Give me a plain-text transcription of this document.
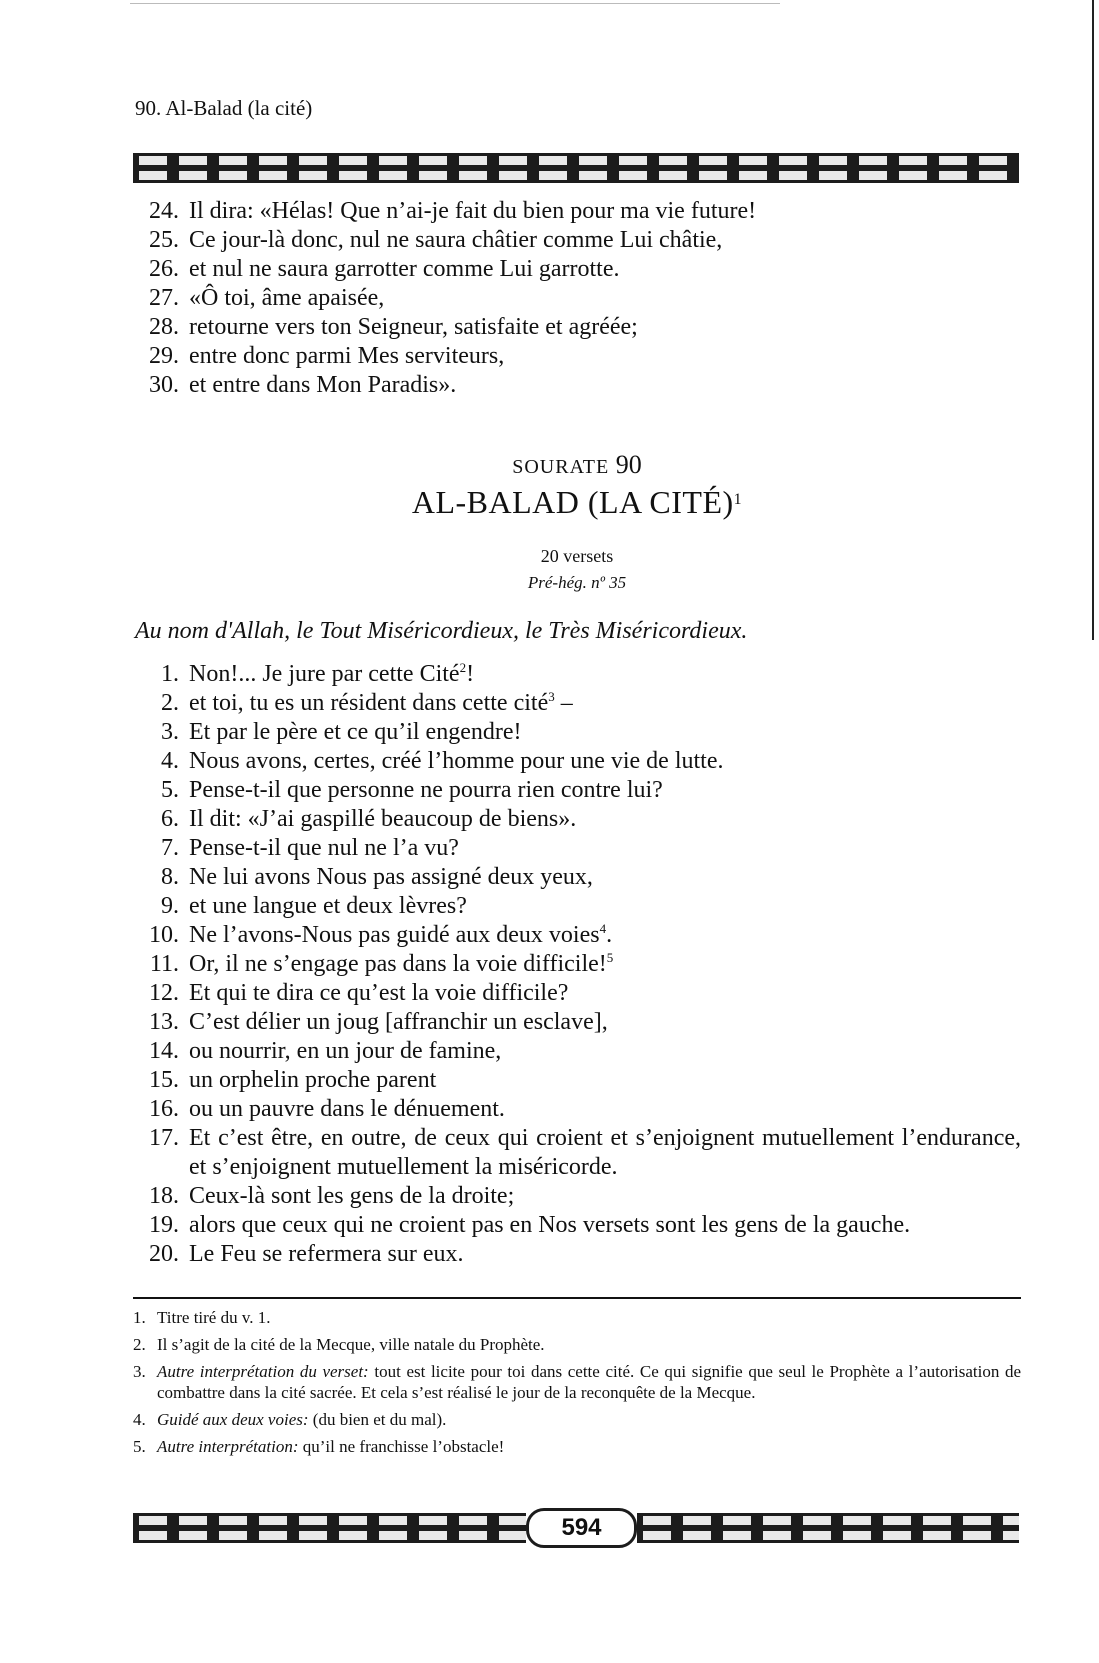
90. Al-Balad (la cité)
24. Il dira: «Hélas! Que n’ai-je fait du bien pour ma vie future!
25. Ce jour-là donc, nul ne saura châtier comme Lui châtie,
26. et nul ne saura garrotter comme Lui garrotte.
27. «Ô toi, âme apaisée,
28. retourne vers ton Seigneur, satisfaite et agréée;
29. entre donc parmi Mes serviteurs,
30. et entre dans Mon Paradis».
SOURATE 90
AL-BALAD (LA CITÉ)$^1$
20 versets
Pré-hég. nº 35
Au nom d'Allah, le Tout Miséricordieux, le Très Miséricordieux.
1. Non!... Je jure par cette Cité$^2$!
2. et toi, tu es un résident dans cette cité$^3$ –
3. Et par le père et ce qu’il engendre!
4. Nous avons, certes, créé l’homme pour une vie de lutte.
5. Pense-t-il que personne ne pourra rien contre lui?
6. Il dit: «J’ai gaspillé beaucoup de biens».
7. Pense-t-il que nul ne l’a vu?
8. Ne lui avons Nous pas assigné deux yeux,
9. et une langue et deux lèvres?
10. Ne l’avons-Nous pas guidé aux deux voies$^4$.
11. Or, il ne s’engage pas dans la voie difficile!$^5$
12. Et qui te dira ce qu’est la voie difficile?
13. C’est délier un joug [affranchir un esclave],
14. ou nourrir, en un jour de famine,
15. un orphelin proche parent
16. ou un pauvre dans le dénuement.
17. Et c’est être, en outre, de ceux qui croient et s’enjoignent mutuellement l’endurance, et s’enjoignent mutuellement la miséricorde.
18. Ceux-là sont les gens de la droite;
19. alors que ceux qui ne croient pas en Nos versets sont les gens de la gauche.
20. Le Feu se refermera sur eux.
1. Titre tiré du v. 1.
2. Il s’agit de la cité de la Mecque, ville natale du Prophète.
3. Autre interprétation du verset: tout est licite pour toi dans cette cité. Ce qui signifie que seul le Prophète a l’autorisation de combattre dans la cité sacrée. Et cela s’est réalisé le jour de la reconquête de la Mecque.
4. Guidé aux deux voies: (du bien et du mal).
5. Autre interprétation: qu’il ne franchisse l’obstacle!
594
